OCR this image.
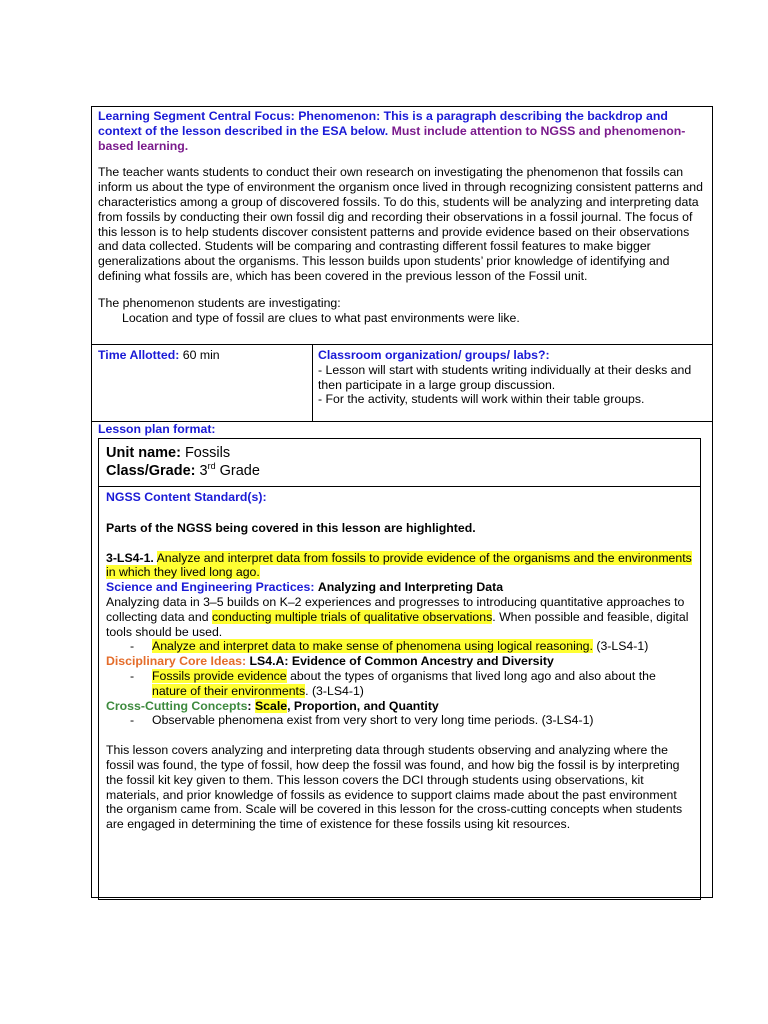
Learning Segment Central Focus: Phenomenon: This is a paragraph describing the backdrop and context of the lesson described in the ESA below. Must include attention to NGSS and phenomenon-based learning.

The teacher wants students to conduct their own research on investigating the phenomenon that fossils can inform us about the type of environment the organism once lived in through recognizing consistent patterns and characteristics among a group of discovered fossils. To do this, students will be analyzing and interpreting data from fossils by conducting their own fossil dig and recording their observations in a fossil journal. The focus of this lesson is to help students discover consistent patterns and provide evidence based on their observations and data collected. Students will be comparing and contrasting different fossil features to make bigger generalizations about the organisms. This lesson builds upon students’ prior knowledge of identifying and defining what fossils are, which has been covered in the previous lesson of the Fossil unit.

The phenomenon students are investigating:

Location and type of fossil are clues to what past environments were like.

Time Allotted: 60 min	Classroom organization/ groups/ labs?:
- Lesson will start with students writing individually at their desks and then participate in a large group discussion.
- For the activity, students will work within their table groups.
Lesson plan format:
Unit name: Fossils
Class/Grade: 3rd Grade
NGSS Content Standard(s):
Parts of the NGSS being covered in this lesson are highlighted.
3-LS4-1. Analyze and interpret data from fossils to provide evidence of the organisms and the environments in which they lived long ago.
Science and Engineering Practices: Analyzing and Interpreting Data
Analyzing data in 3–5 builds on K–2 experiences and progresses to introducing quantitative approaches to collecting data and conducting multiple trials of qualitative observations. When possible and feasible, digital tools should be used.
- Analyze and interpret data to make sense of phenomena using logical reasoning. (3-LS4-1)
Disciplinary Core Ideas: LS4.A: Evidence of Common Ancestry and Diversity
- Fossils provide evidence about the types of organisms that lived long ago and also about the nature of their environments. (3-LS4-1)
Cross-Cutting Concepts: Scale, Proportion, and Quantity
- Observable phenomena exist from very short to very long time periods. (3-LS4-1)
This lesson covers analyzing and interpreting data through students observing and analyzing where the fossil was found, the type of fossil, how deep the fossil was found, and how big the fossil is by interpreting the fossil kit key given to them. This lesson covers the DCI through students using observations, kit materials, and prior knowledge of fossils as evidence to support claims made about the past environment the organism came from. Scale will be covered in this lesson for the cross-cutting concepts when students are engaged in determining the time of existence for these fossils using kit resources.
